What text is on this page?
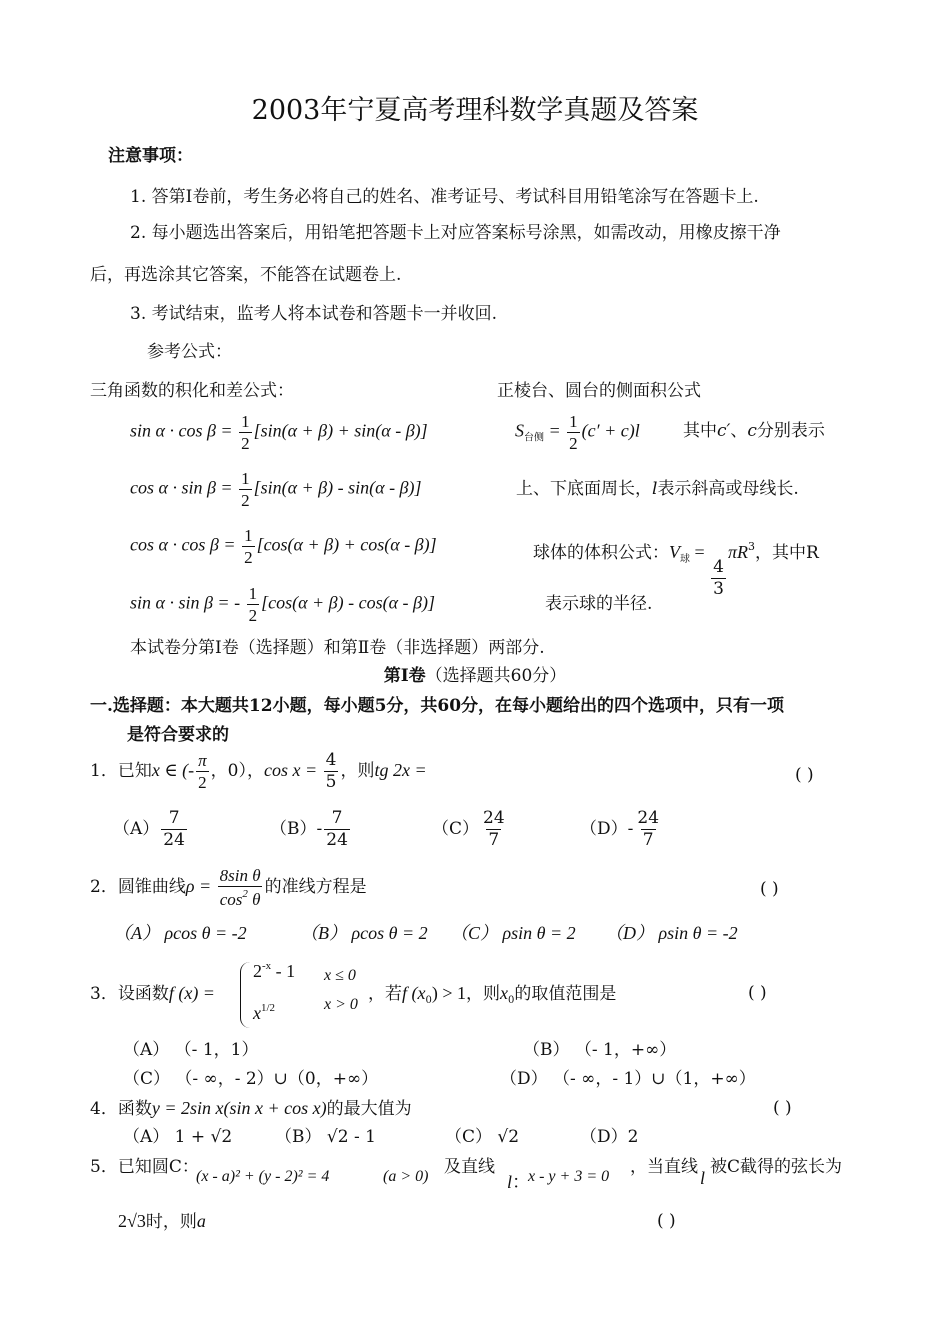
2003年宁夏高考理科数学真题及答案
注意事项：
1. 答第Ⅰ卷前，考生务必将自己的姓名、准考证号、考试科目用铅笔涂写在答题卡上.
2. 每小题选出答案后，用铅笔把答题卡上对应答案标号涂黑，如需改动，用橡皮擦干净
后，再选涂其它答案，不能答在试题卷上.
3. 考试结束，监考人将本试卷和答题卡一并收回.
参考公式：
三角函数的积化和差公式：	正棱台、圆台的侧面积公式
$\sin \alpha \cdot \cos \beta = \frac{1}{2} [\sin(\alpha + \beta) + \sin(\alpha - \beta)]$
$\cos \alpha \cdot \sin \beta = \frac{1}{2} [\sin(\alpha + \beta) - \sin(\alpha - \beta)]$
$\cos \alpha \cdot \cos \beta = \frac{1}{2} [\cos(\alpha + \beta) + \cos(\alpha - \beta)]$
sin α · sin β = - $\frac{1}{2} [\cos(\alpha + \beta) - \cos(\alpha - \beta)]$
$S_{台侧} = \frac{1}{2} (c' + c)l$	其中c′、c分别表示
上、下底面周长，l表示斜高或母线长.
球体的体积公式：$V_球$ =
$\frac{4}{3}$
$\pi R^3$，其中R
表示球的半径.
本试卷分第Ⅰ卷（选择题）和第Ⅱ卷（非选择题）两部分.
第Ⅰ卷（选择题共60分）
一.选择题：本大题共12小题，每小题5分，共60分，在每小题给出的四个选项中，只有一项
是符合要求的
1．已知x ∈ (- $\frac{\pi}{2}$ ，0），$\cos x = \frac{4}{5}$ ，则tg 2x =	( )
$(A) \frac{7}{24}$	$(B)- \frac{7}{24}$	$(C) \frac{24}{7}$	$(D)- \frac{24}{7}$
2．圆锥曲线$\rho = \frac{\text{8sin θ}}{\cos^2 \theta}$ 的准线方程是	( )
（A） ρcos θ = -2	（B） ρcos θ = 2 （C） ρsin θ = 2 （D） ρsin θ = -2
3．设函数f (x) =
$2^{-x} - 1$ x ≤ 0
$x^{1/2}$	x > 0
，若f $(x_0) > 1$，则$x_0$的取值范围是	( )
（A） （- 1，1）	（B） （- 1，+∞）
（C） （- ∞，- 2）∪（0，+∞）	（D） （- ∞，- 1）∪（1，+∞）
4．函数y = 2sin x(sin x + cos x)的最大值为	( )
（A） 1 + √2	（B） √2 - 1	（C） √2	（D）2
5．已知圆C：
(x - a)² + (y - 2)² = 4	(a > 0) 及直线
l：
x - y + 3 = 0 ，当直线
l
被C截得的弦长为
2√3时，则a	( )
